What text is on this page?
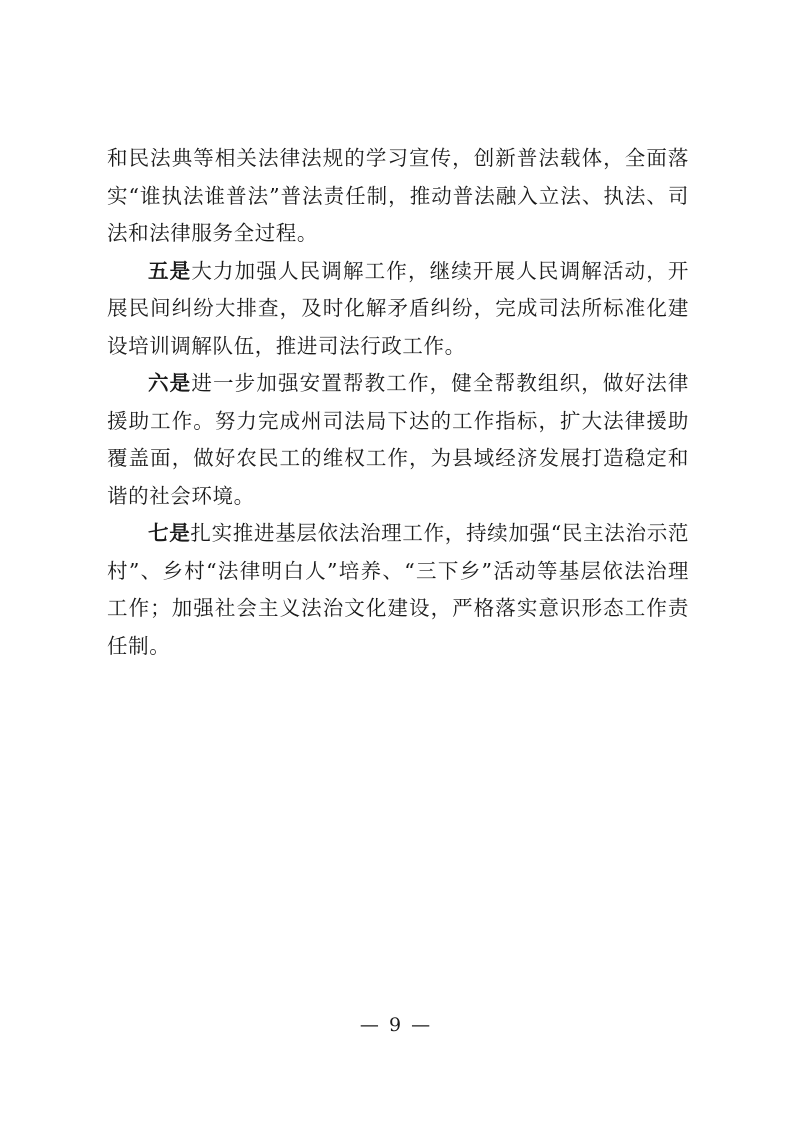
和民法典等相关法律法规的学习宣传，创新普法载体，全面落实“谁执法谁普法”普法责任制，推动普法融入立法、执法、司法和法律服务全过程。

五是大力加强人民调解工作，继续开展人民调解活动，开展民间纠纷大排查，及时化解矛盾纠纷，完成司法所标准化建设培训调解队伍，推进司法行政工作。

六是进一步加强安置帮教工作，健全帮教组织，做好法律援助工作。努力完成州司法局下达的工作指标，扩大法律援助覆盖面，做好农民工的维权工作，为县域经济发展打造稳定和谐的社会环境。

七是扎实推进基层依法治理工作，持续加强“民主法治示范村”、乡村“法律明白人”培养、“三下乡”活动等基层依法治理工作；加强社会主义法治文化建设，严格落实意识形态工作责任制。

— 9 —
